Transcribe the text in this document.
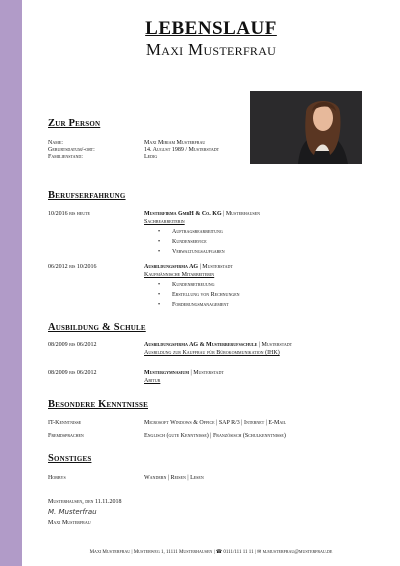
LEBENSLAUF
Maxi Musterfrau
Zur Person
Name:	Maxi Miriam Musterfrau
Geburtsdatum/-ort:	14. August 1989 / Musterstadt
Familienstand:	Ledig
Berufserfahrung
10/2016 bis heute	Musterfirma GmbH & Co. KG | Musterhausen
Sachbearbeiterin
• Auftragsbearbeitung
• Kundenservice
• Verwaltungsaufgaben
06/2012 bis 10/2016	Ausbildungsfirma AG | Musterstadt
Kaufmännische Mitarbeiterin
• Kundenbetreuung
• Erstellung von Rechnungen
• Forderungsmanagement
Ausbildung & Schule
08/2009 bis 06/2012	Ausbildungsfirma AG & Musterberufsschule | Musterstadt
Ausbildung zur Kauffrau für Bürokommunikation (IHK)
08/2009 bis 06/2012	Mustergymnasium | Musterstadt
Abitur
Besondere Kenntnisse
IT-Kenntnisse	Microsoft Windows & Office | SAP R/3 | Internet | E-Mail
Fremdsprachen	Englisch (gute Kenntnisse) | Französisch (Schulkenntnisse)
Sonstiges
Hobbys	Wandern | Reisen | Lesen
Musterhausen, den 11.11.2018
M. Musterfrau
Maxi Musterfrau
Maxi Musterfrau | Musterweg 1, 11111 Musterhausen | ☎ 0111/111 11 11 | ✉ m.musterfrau@musterfrau.de
